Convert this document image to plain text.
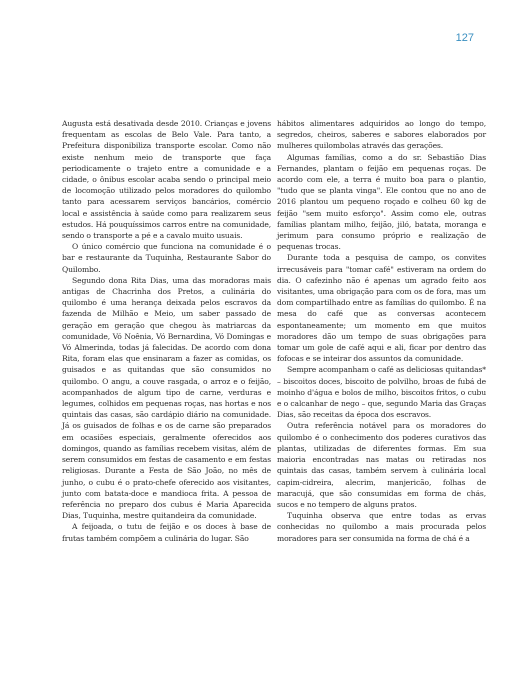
127

Augusta está desativada desde 2010. Crianças e jovens frequentam as escolas de Belo Vale. Para tanto, a Prefeitura disponibiliza transporte escolar. Como não existe nenhum meio de transporte que faça periodicamente o trajeto entre a comunidade e a cidade, o ônibus escolar acaba sendo o principal meio de locomoção utilizado pelos moradores do quilombo tanto para acessarem serviços bancários, comércio local e assistência à saúde como para realizarem seus estudos. Há pouquíssimos carros entre na comunidade, sendo o transporte a pé e a cavalo muito usuais.

O único comércio que funciona na comunidade é o bar e restaurante da Tuquinha, Restaurante Sabor do Quilombo.

Segundo dona Rita Dias, uma das moradoras mais antigas de Chacrinha dos Pretos, a culinária do quilombo é uma herança deixada pelos escravos da fazenda de Milhão e Meio, um saber passado de geração em geração que chegou às matriarcas da comunidade, Vó Noênia, Vó Bernardina, Vó Domingas e Vó Almerinda, todas já falecidas. De acordo com dona Rita, foram elas que ensinaram a fazer as comidas, os guisados e as quitandas que são consumidos no quilombo. O angu, a couve rasgada, o arroz e o feijão, acompanhados de algum tipo de carne, verduras e legumes, colhidos em pequenas roças, nas hortas e nos quintais das casas, são cardápio diário na comunidade. Já os guisados de folhas e os de carne são preparados em ocasiões especiais, geralmente oferecidos aos domingos, quando as famílias recebem visitas, além de serem consumidos em festas de casamento e em festas religiosas. Durante a Festa de São João, no mês de junho, o cubu é o prato-chefe oferecido aos visitantes, junto com batata-doce e mandioca frita. A pessoa de referência no preparo dos cubus é Maria Aparecida Dias, Tuquinha, mestre quitandeira da comunidade.

A feijoada, o tutu de feijão e os doces à base de frutas também compõem a culinária do lugar. São

hábitos alimentares adquiridos ao longo do tempo, segredos, cheiros, saberes e sabores elaborados por mulheres quilombolas através das gerações.

Algumas famílias, como a do sr. Sebastião Dias Fernandes, plantam o feijão em pequenas roças. De acordo com ele, a terra é muito boa para o plantio, "tudo que se planta vinga". Ele contou que no ano de 2016 plantou um pequeno roçado e colheu 60 kg de feijão "sem muito esforço". Assim como ele, outras famílias plantam milho, feijão, jiló, batata, moranga e jerimum para consumo próprio e realização de pequenas trocas.

Durante toda a pesquisa de campo, os convites irrecusáveis para "tomar café" estiveram na ordem do dia. O cafezinho não é apenas um agrado feito aos visitantes, uma obrigação para com os de fora, mas um dom compartilhado entre as famílias do quilombo. É na mesa do café que as conversas acontecem espontaneamente; um momento em que muitos moradores dão um tempo de suas obrigações para tomar um gole de café aqui e ali, ficar por dentro das fofocas e se inteirar dos assuntos da comunidade.

Sempre acompanham o café as deliciosas quitandas* – biscoitos doces, biscoito de polvilho, broas de fubá de moinho d'água e bolos de milho, biscoitos fritos, o cubu e o calcanhar de nego – que, segundo Maria das Graças Dias, são receitas da época dos escravos.

Outra referência notável para os moradores do quilombo é o conhecimento dos poderes curativos das plantas, utilizadas de diferentes formas. Em sua maioria encontradas nas matas ou retiradas nos quintais das casas, também servem à culinária local capim-cidreira, alecrim, manjericão, folhas de maracujá, que são consumidas em forma de chás, sucos e no tempero de alguns pratos.

Tuquinha observa que entre todas as ervas conhecidas no quilombo a mais procurada pelos moradores para ser consumida na forma de chá é a
